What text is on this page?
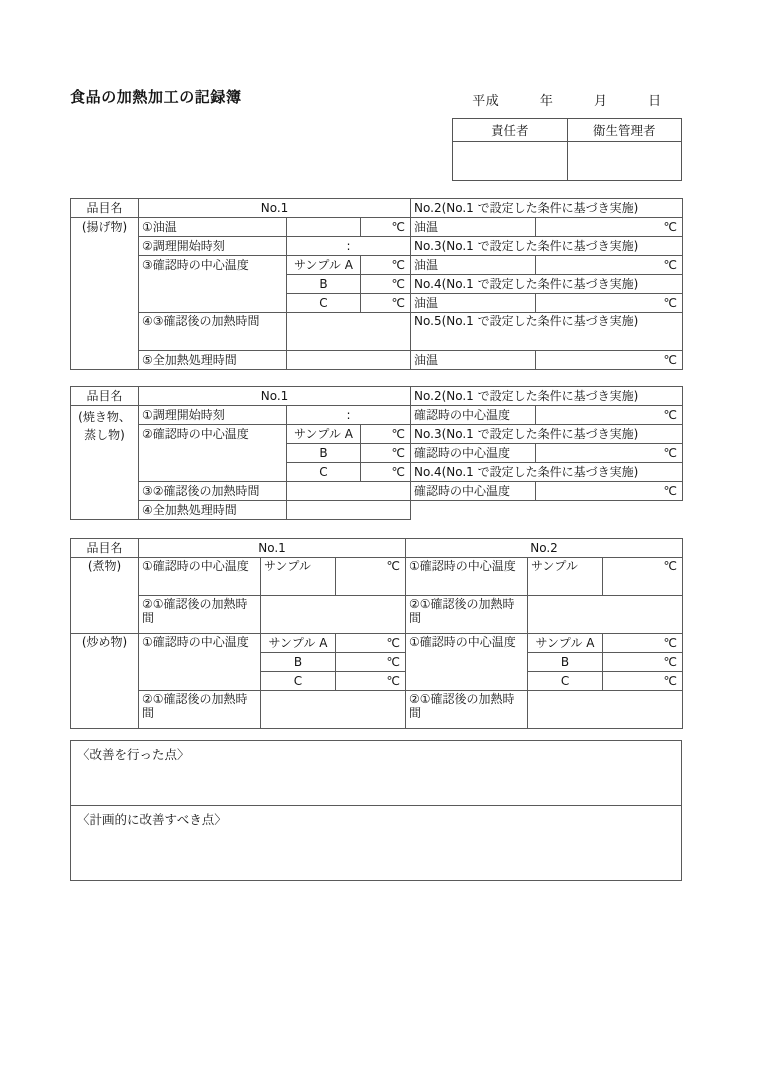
食品の加熱加工の記録簿	平成	年	月	日
責任者	衛生管理者

品目名	No.1			No.2(No.1 で設定した条件に基づき実施)	
(揚げ物)	①油温		℃	油温	℃
	②調理開始時刻	:		No.3(No.1 で設定した条件に基づき実施)	
	③確認時の中心温度	サンプル A	℃	油温	℃
		B	℃	No.4(No.1 で設定した条件に基づき実施)	
		C	℃	油温	℃
	④③確認後の加熱時間			No.5(No.1 で設定した条件に基づき実施)	
	⑤全加熱処理時間			油温	℃
品目名	No.1			No.2(No.1 で設定した条件に基づき実施)	

(焼き物、
蒸し物)	①調理開始時刻	:		確認時の中心温度	℃
	②確認時の中心温度	サンプル A	℃	No.3(No.1 で設定した条件に基づき実施)	
		B	℃	確認時の中心温度	℃
		C	℃	No.4(No.1 で設定した条件に基づき実施)	
	③②確認後の加熱時間			確認時の中心温度	℃
	④全加熱処理時間				
品目名	No.1			No.2		
(煮物)	①確認時の中心温度	サンプル	℃	①確認時の中心温度	サンプル	℃
	②①確認後の加熱時間			②①確認後の加熱時間		
(炒め物)	①確認時の中心温度	サンプル A	℃	①確認時の中心温度	サンプル A	℃
		B	℃		B	℃
		C	℃		C	℃
	②①確認後の加熱時間			②①確認後の加熱時間		
〈改善を行った点〉

〈計画的に改善すべき点〉
